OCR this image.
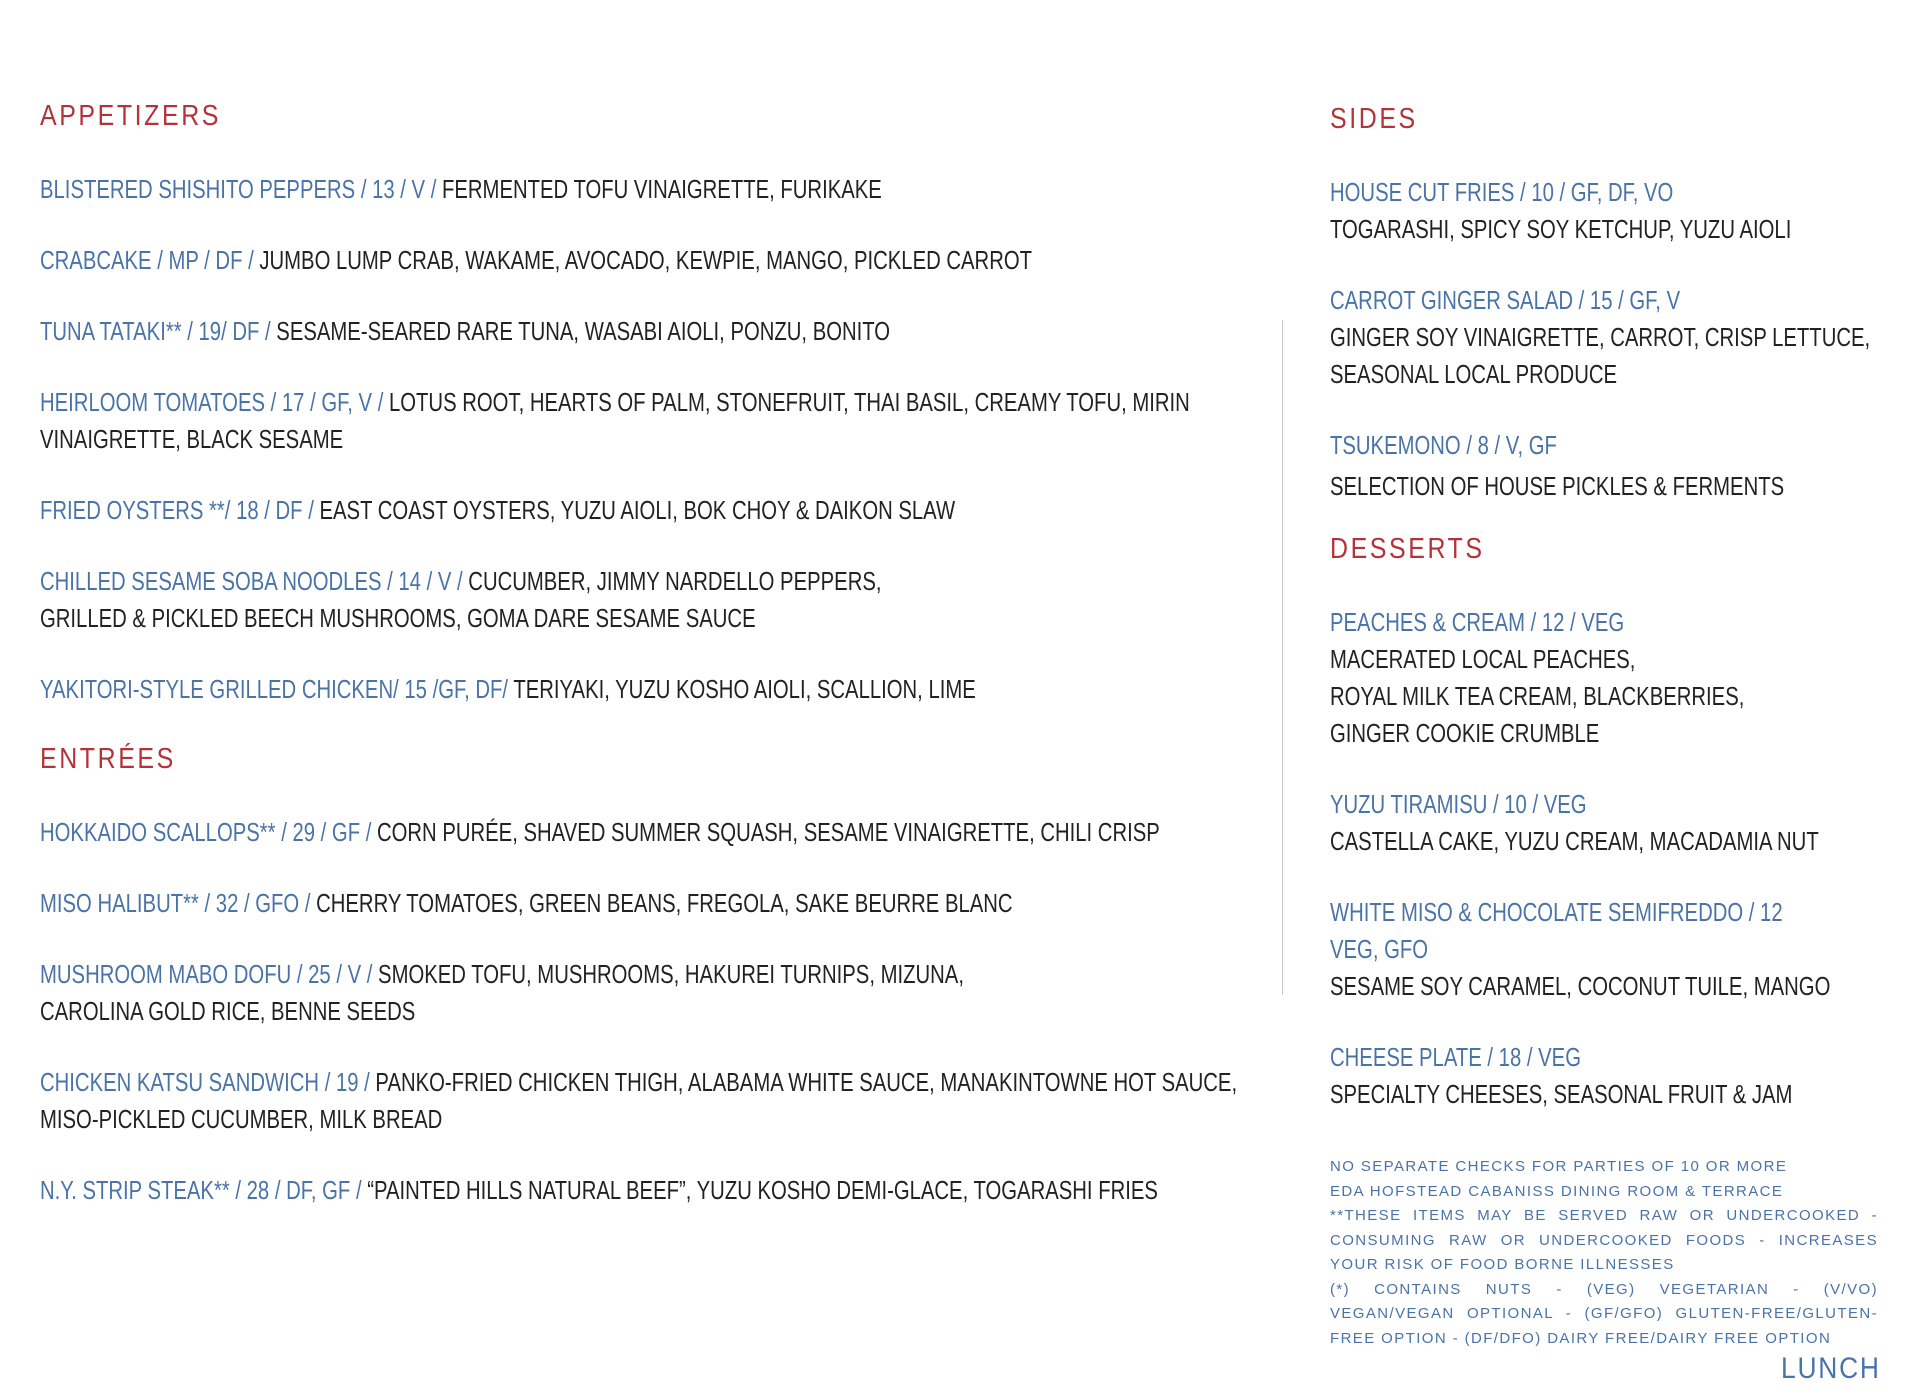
APPETIZERS
BLISTERED SHISHITO PEPPERS / 13 / V / FERMENTED TOFU VINAIGRETTE, FURIKAKE
CRABCAKE / MP / DF / JUMBO LUMP CRAB, WAKAME, AVOCADO, KEWPIE, MANGO, PICKLED CARROT
TUNA TATAKI** / 19/ DF / SESAME-SEARED RARE TUNA, WASABI AIOLI, PONZU, BONITO
HEIRLOOM TOMATOES / 17 / GF, V / LOTUS ROOT, HEARTS OF PALM, STONEFRUIT, THAI BASIL, CREAMY TOFU, MIRIN VINAIGRETTE, BLACK SESAME
FRIED OYSTERS **/ 18 / DF / EAST COAST OYSTERS, YUZU AIOLI, BOK CHOY & DAIKON SLAW
CHILLED SESAME SOBA NOODLES / 14 / V / CUCUMBER, JIMMY NARDELLO PEPPERS,
GRILLED & PICKLED BEECH MUSHROOMS, GOMA DARE SESAME SAUCE
YAKITORI-STYLE GRILLED CHICKEN/ 15 /GF, DF/ TERIYAKI, YUZU KOSHO AIOLI, SCALLION, LIME
ENTRÉES
HOKKAIDO SCALLOPS** / 29 / GF / CORN PURÉE, SHAVED SUMMER SQUASH, SESAME VINAIGRETTE, CHILI CRISP
MISO HALIBUT** / 32 / GFO / CHERRY TOMATOES, GREEN BEANS, FREGOLA, SAKE BEURRE BLANC
MUSHROOM MABO DOFU / 25 / V / SMOKED TOFU, MUSHROOMS, HAKUREI TURNIPS, MIZUNA,
CAROLINA GOLD RICE, BENNE SEEDS
CHICKEN KATSU SANDWICH / 19 / PANKO-FRIED CHICKEN THIGH, ALABAMA WHITE SAUCE, MANAKINTOWNE HOT SAUCE, MISO-PICKLED CUCUMBER, MILK BREAD
N.Y. STRIP STEAK** / 28 / DF, GF / “PAINTED HILLS NATURAL BEEF”, YUZU KOSHO DEMI-GLACE, TOGARASHI FRIES
SIDES
HOUSE CUT FRIES / 10 / GF, DF, VO
TOGARASHI, SPICY SOY KETCHUP, YUZU AIOLI
CARROT GINGER SALAD / 15 / GF, V
GINGER SOY VINAIGRETTE, CARROT, CRISP LETTUCE, SEASONAL LOCAL PRODUCE
TSUKEMONO / 8 / V, GF
SELECTION OF HOUSE PICKLES & FERMENTS
DESSERTS
PEACHES & CREAM / 12 / VEG
MACERATED LOCAL PEACHES,
ROYAL MILK TEA CREAM, BLACKBERRIES,
GINGER COOKIE CRUMBLE
YUZU TIRAMISU / 10 / VEG
CASTELLA CAKE, YUZU CREAM, MACADAMIA NUT
WHITE MISO & CHOCOLATE SEMIFREDDO / 12
VEG, GFO
SESAME SOY CARAMEL, COCONUT TUILE, MANGO
CHEESE PLATE / 18 / VEG
SPECIALTY CHEESES, SEASONAL FRUIT & JAM

NO SEPARATE CHECKS FOR PARTIES OF 10 OR MORE

EDA HOFSTEAD CABANISS DINING ROOM & TERRACE

**THESE ITEMS MAY BE SERVED RAW OR UNDERCOOKED - CONSUMING RAW OR UNDERCOOKED FOODS - INCREASES YOUR RISK OF FOOD BORNE ILLNESSES

(*) CONTAINS NUTS - (VEG) VEGETARIAN - (V/VO) VEGAN/VEGAN OPTIONAL - (GF/GFO) GLUTEN-FREE/GLUTEN-FREE OPTION - (DF/DFO) DAIRY FREE/DAIRY FREE OPTION

LUNCH
